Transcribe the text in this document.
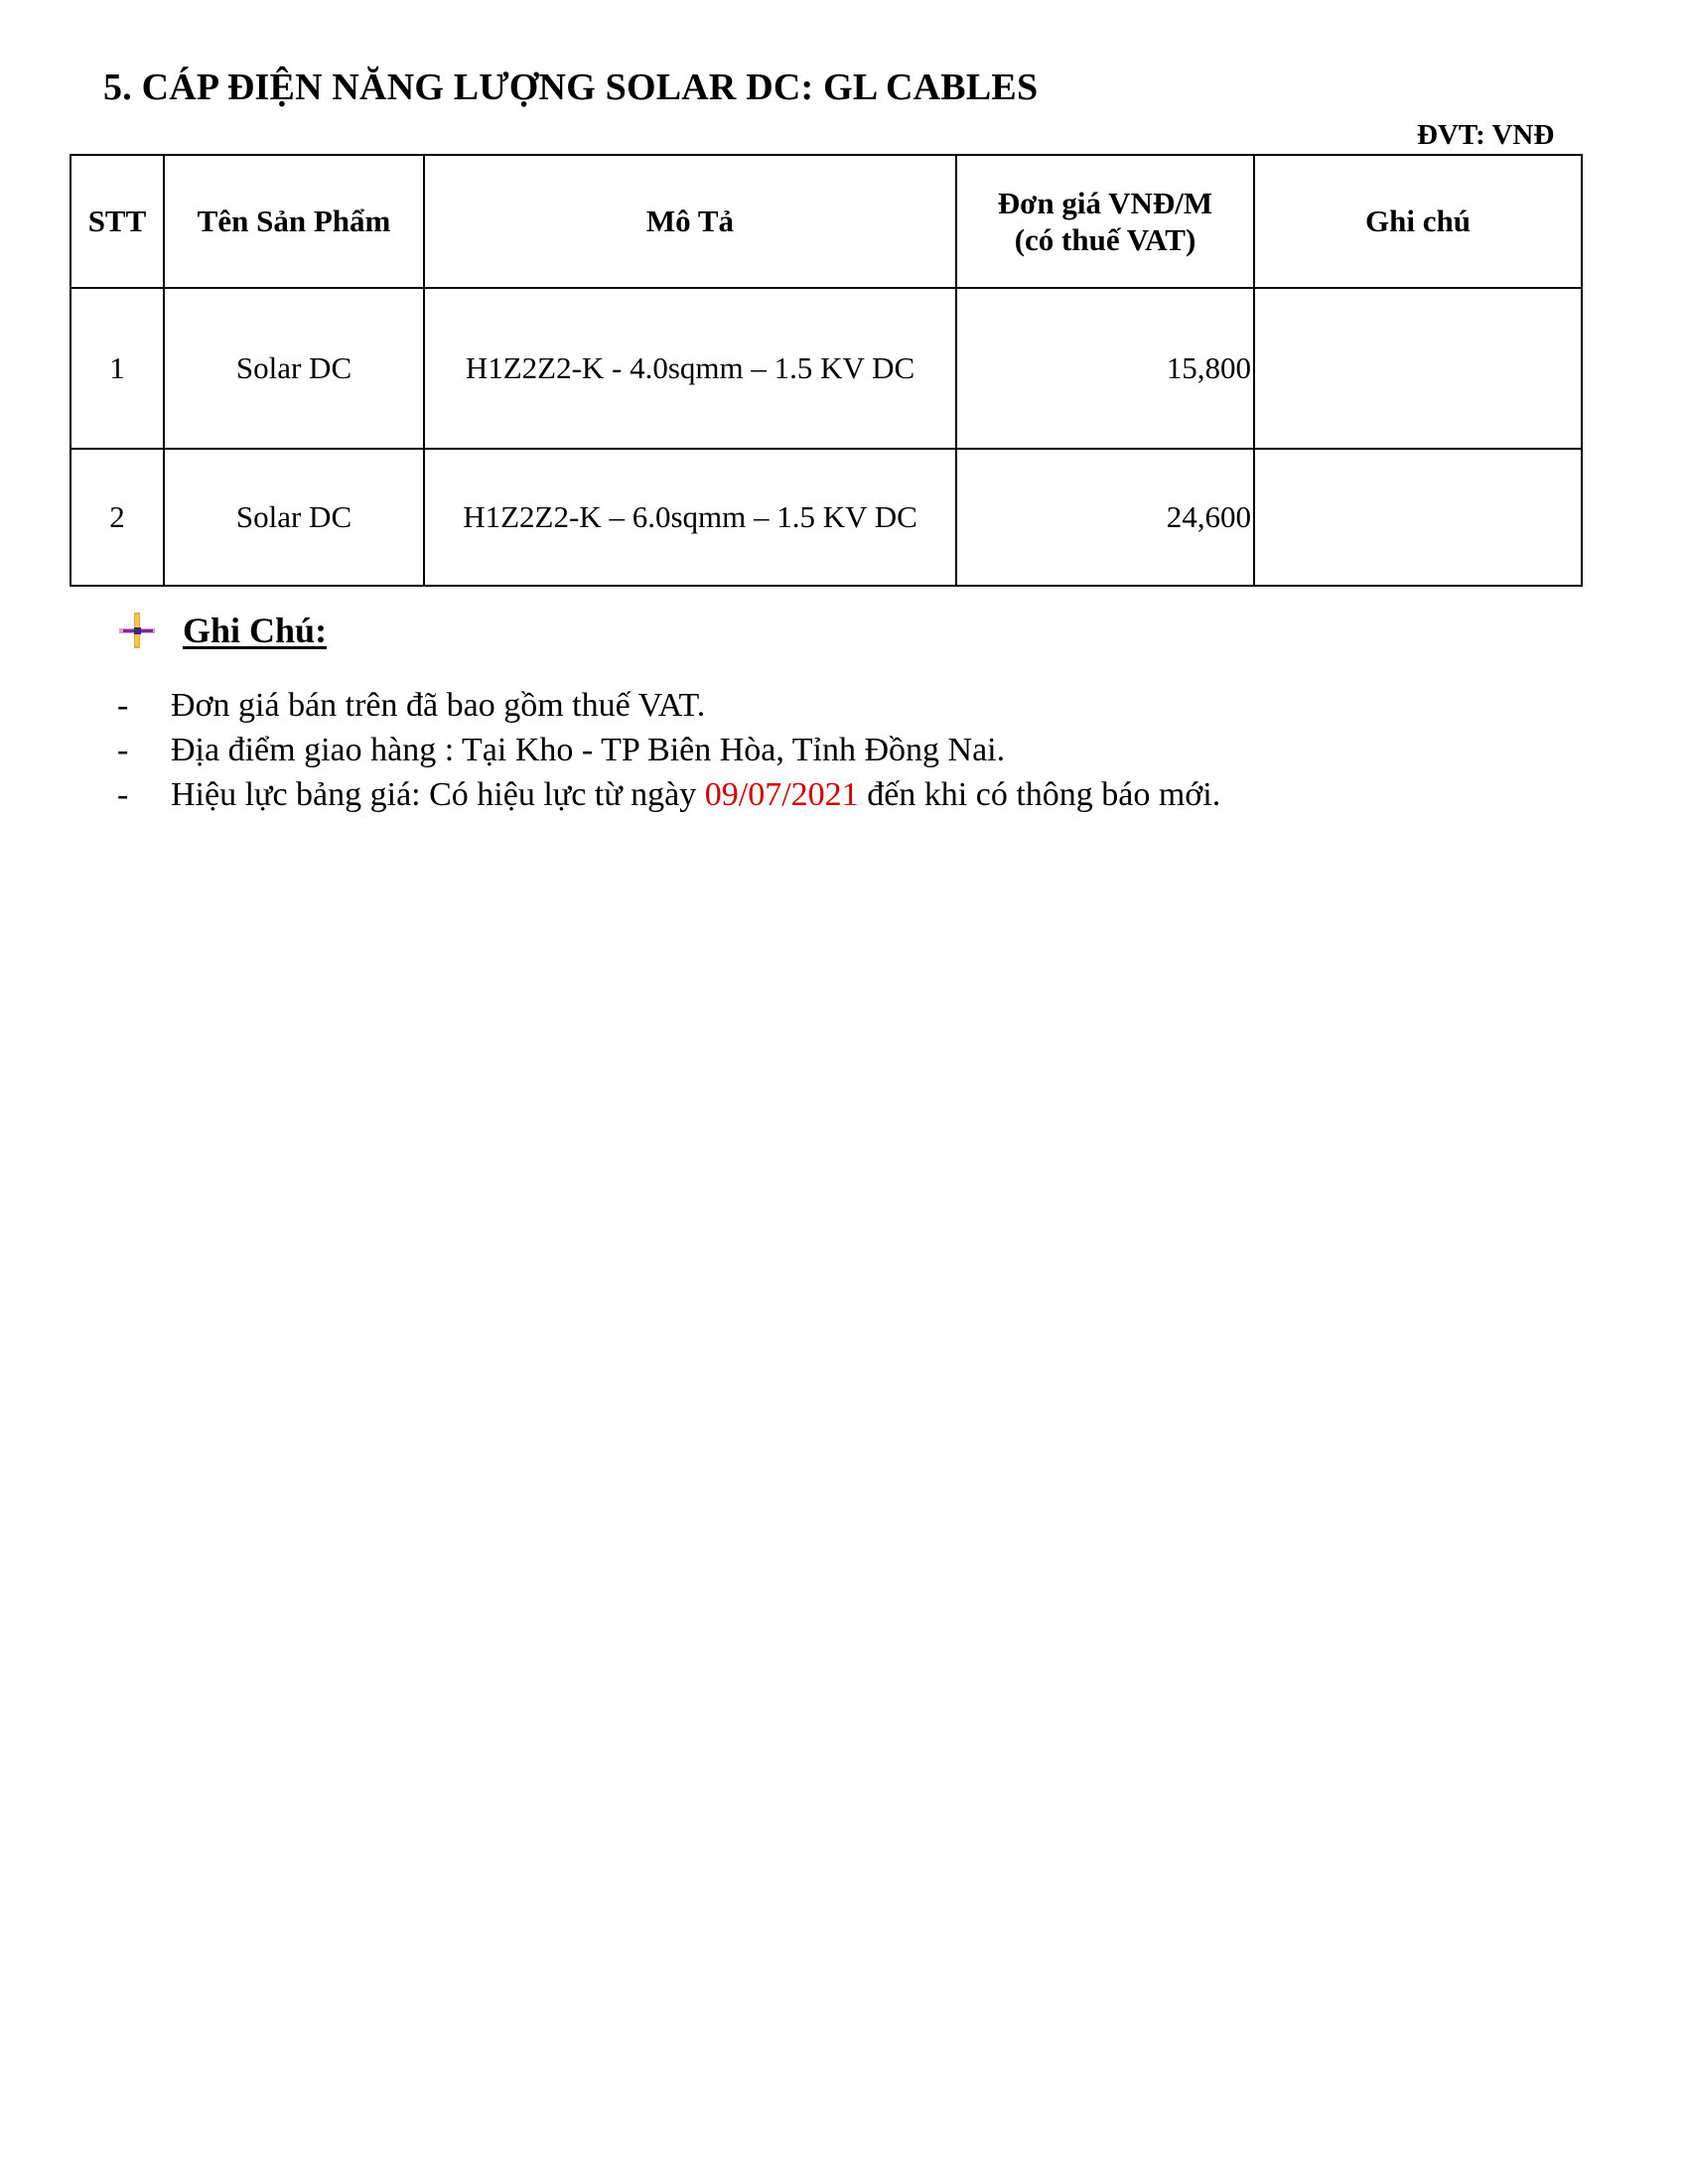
5. CÁP ĐIỆN NĂNG LƯỢNG SOLAR DC: GL CABLES
ĐVT: VNĐ
STT	Tên Sản Phẩm	Mô Tả	Đơn giá VNĐ/M
(có thuế VAT)	Ghi chú
1	Solar DC	H1Z2Z2-K - 4.0sqmm – 1.5 KV DC	15,800	
2	Solar DC	H1Z2Z2-K – 6.0sqmm – 1.5 KV DC	24,600	
Ghi Chú:
-	Đơn giá bán trên đã bao gồm thuế VAT.
-	Địa điểm giao hàng : Tại Kho - TP Biên Hòa, Tỉnh Đồng Nai.
-	Hiệu lực bảng giá: Có hiệu lực từ ngày 09/07/2021 đến khi có thông báo mới.
